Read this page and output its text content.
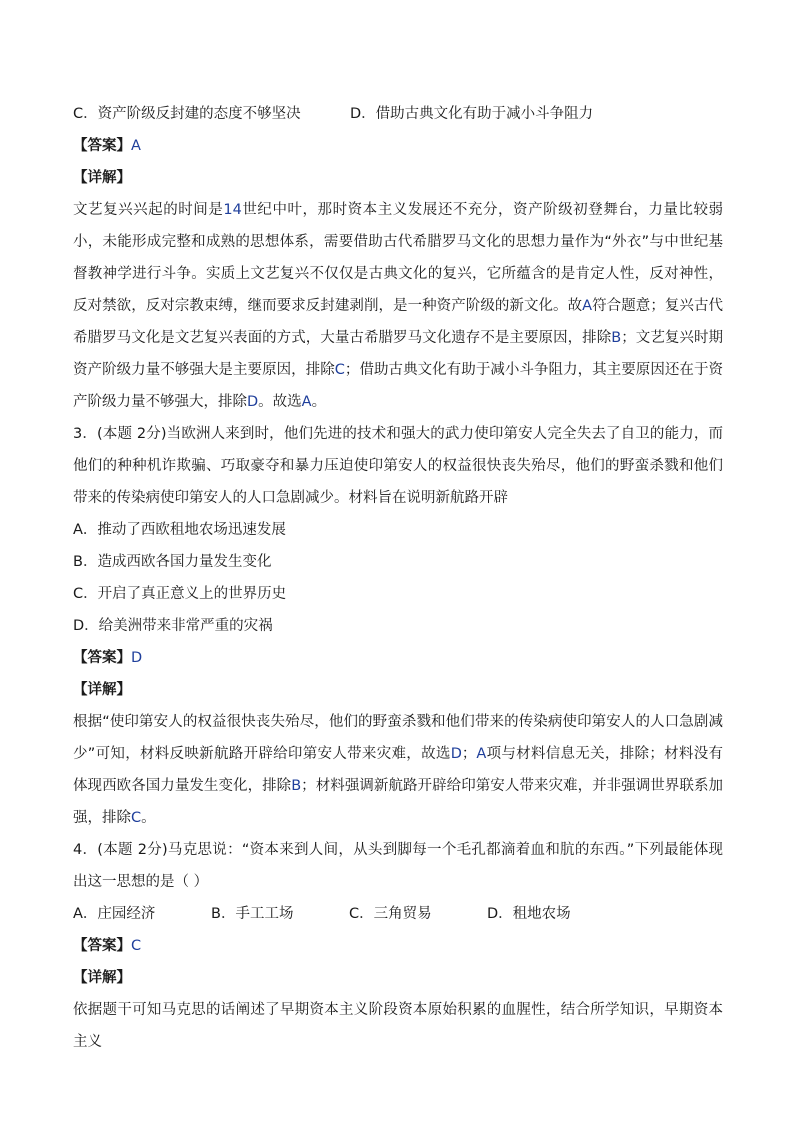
C．资产阶级反封建的态度不够坚决	D．借助古典文化有助于减小斗争阻力
【答案】A
【详解】
文艺复兴兴起的时间是14世纪中叶，那时资本主义发展还不充分，资产阶级初登舞台，力量比较弱小，未能形成完整和成熟的思想体系，需要借助古代希腊罗马文化的思想力量作为“外衣”与中世纪基督教神学进行斗争。实质上文艺复兴不仅仅是古典文化的复兴，它所蕴含的是肯定人性，反对神性，反对禁欲，反对宗教束缚，继而要求反封建剥削，是一种资产阶级的新文化。故A符合题意；复兴古代希腊罗马文化是文艺复兴表面的方式，大量古希腊罗马文化遗存不是主要原因，排除B；文艺复兴时期资产阶级力量不够强大是主要原因，排除C；借助古典文化有助于减小斗争阻力，其主要原因还在于资产阶级力量不够强大，排除D。故选A。
3．(本题 2分)当欧洲人来到时，他们先进的技术和强大的武力使印第安人完全失去了自卫的能力，而他们的种种机诈欺骗、巧取豪夺和暴力压迫使印第安人的权益很快丧失殆尽，他们的野蛮杀戮和他们带来的传染病使印第安人的人口急剧减少。材料旨在说明新航路开辟
A．推动了西欧租地农场迅速发展
B．造成西欧各国力量发生变化
C．开启了真正意义上的世界历史
D．给美洲带来非常严重的灾祸
【答案】D
【详解】
根据“使印第安人的权益很快丧失殆尽，他们的野蛮杀戮和他们带来的传染病使印第安人的人口急剧减少”可知，材料反映新航路开辟给印第安人带来灾难，故选D；A项与材料信息无关，排除；材料没有体现西欧各国力量发生变化，排除B；材料强调新航路开辟给印第安人带来灾难，并非强调世界联系加强，排除C。
4．(本题 2分)马克思说：“资本来到人间，从头到脚每一个毛孔都滴着血和肮的东西。”下列最能体现出这一思想的是（ ）
A．庄园经济	B．手工工场	C．三角贸易	D．租地农场
【答案】C
【详解】
依据题干可知马克思的话阐述了早期资本主义阶段资本原始积累的血腥性，结合所学知识，早期资本主义
